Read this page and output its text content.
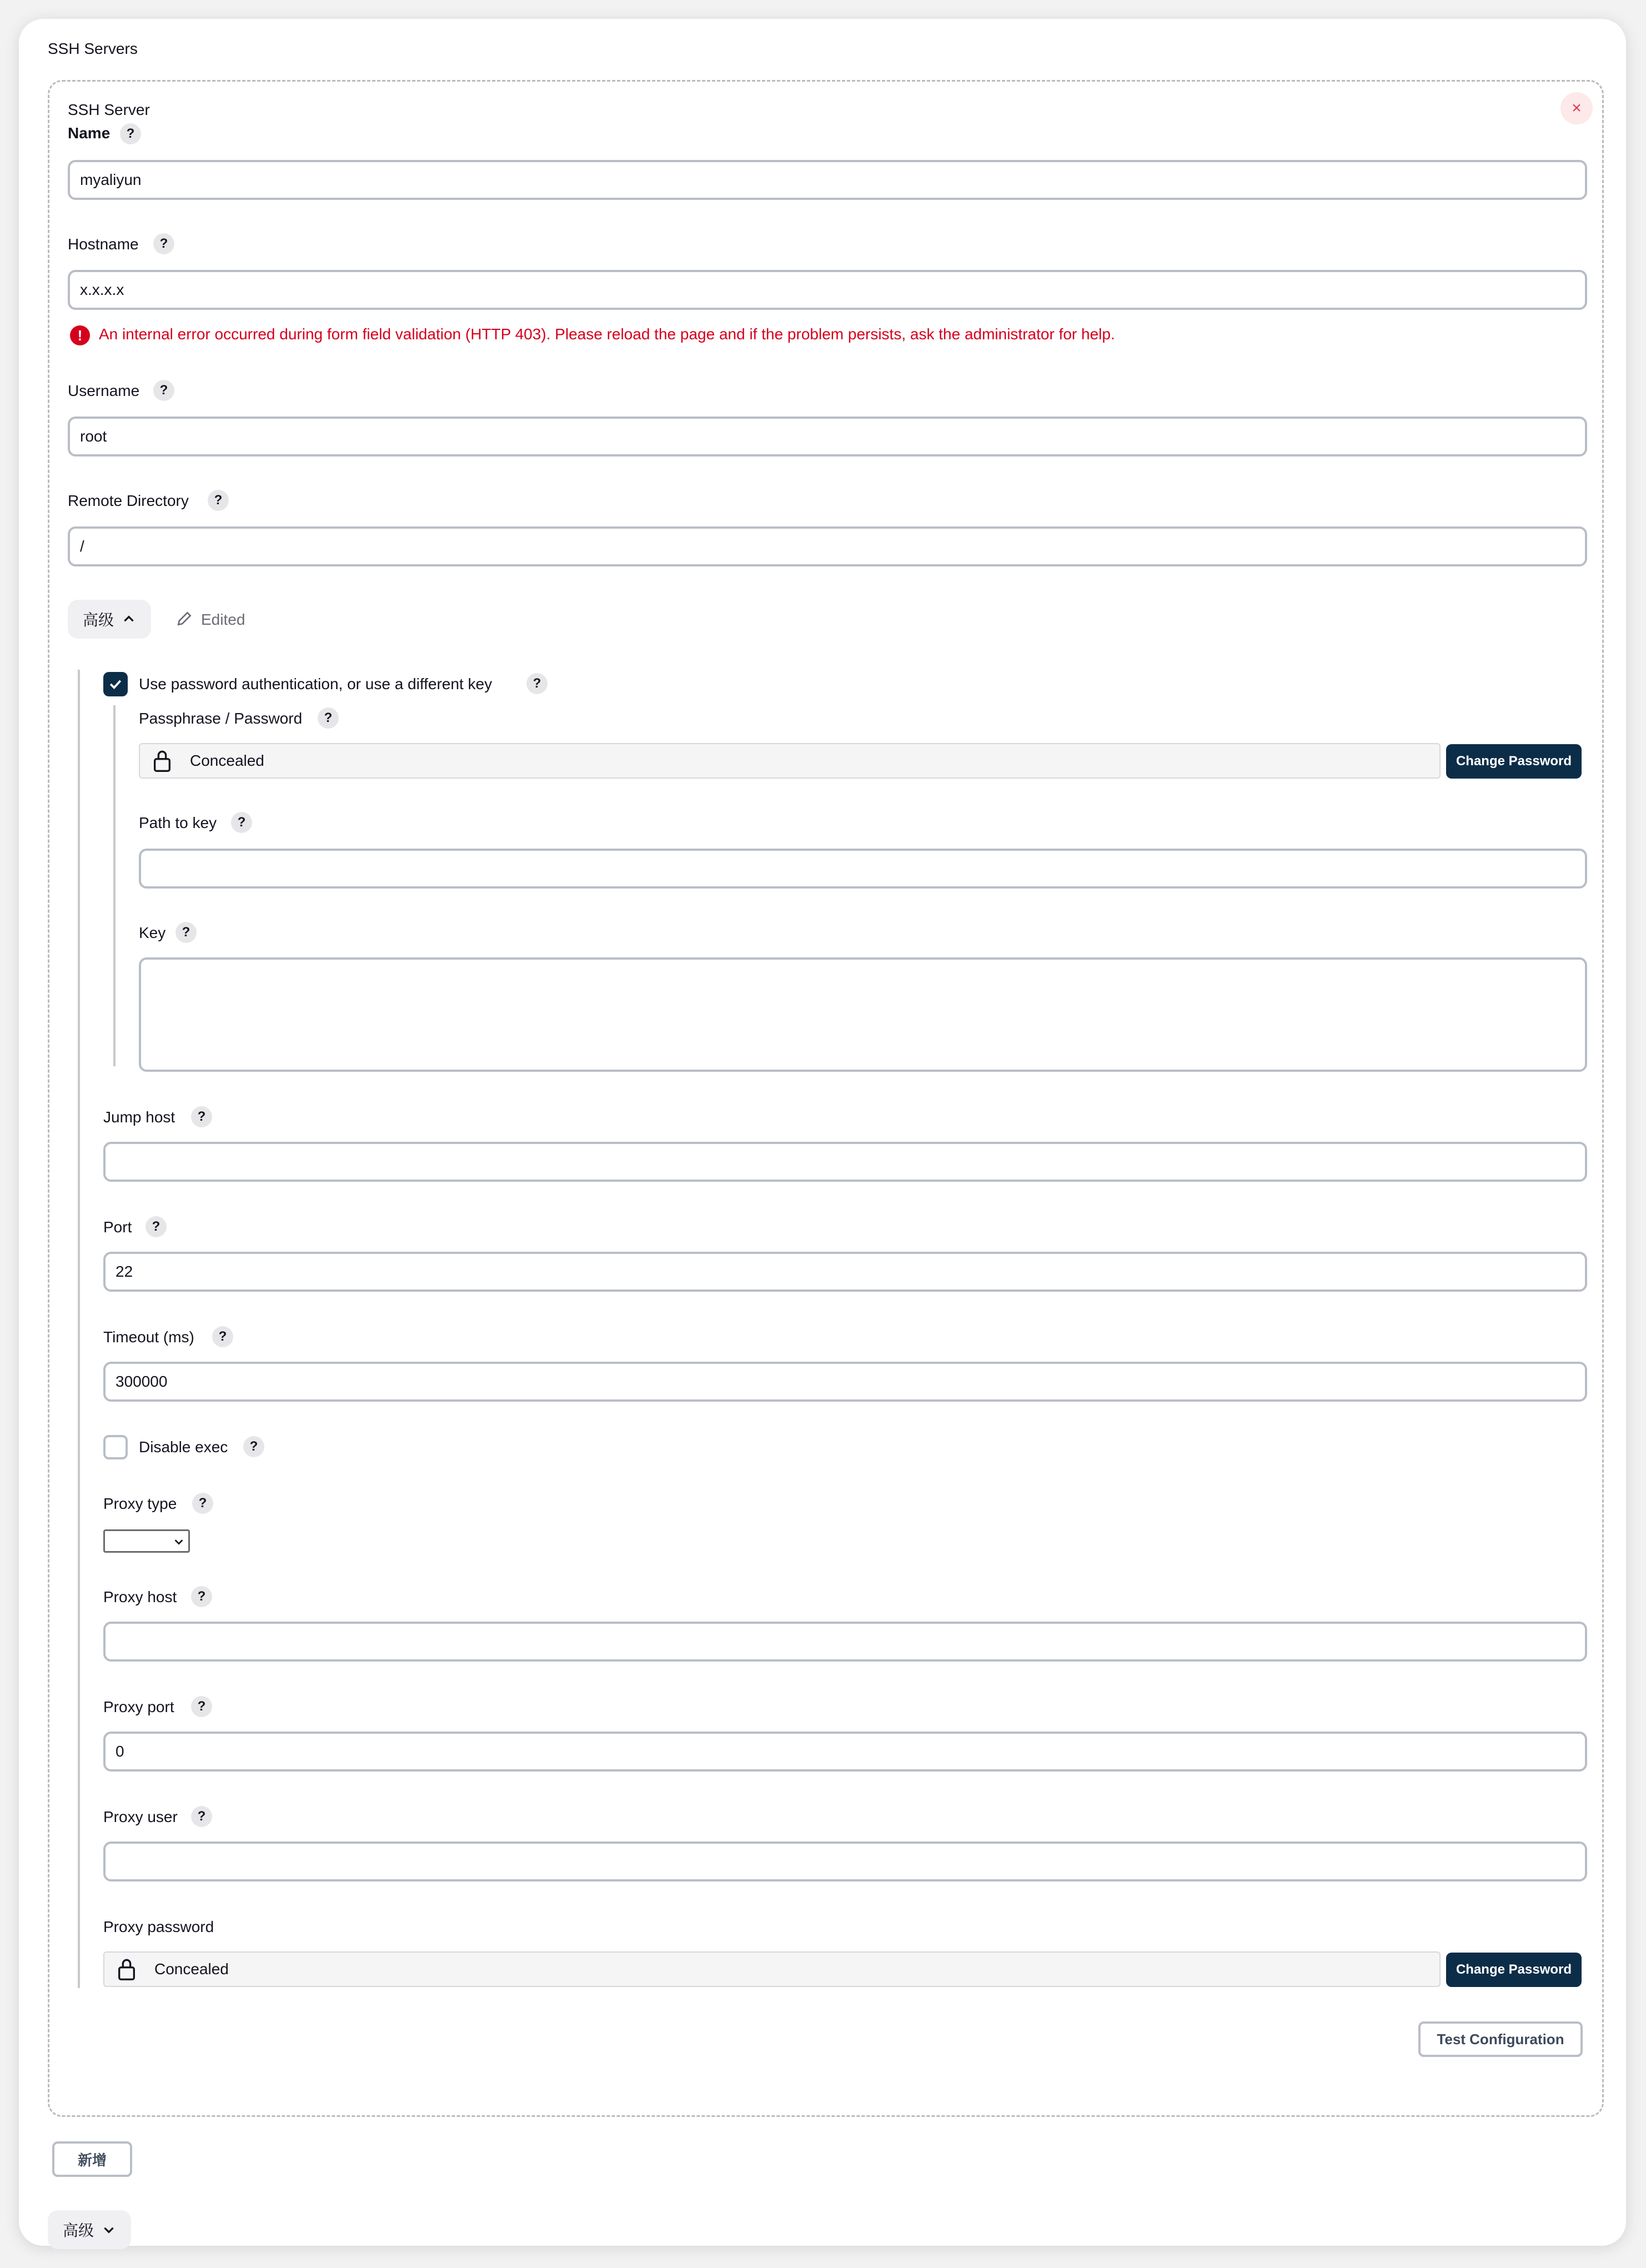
SSH Servers
×
SSH Server
Name	?
myaliyun
Hostname	?
x.x.x.x
!	An internal error occurred during form field validation (HTTP 403). Please reload the page and if the problem persists, ask the administrator for help.
Username	?
root
Remote Directory	?
/
高级	Edited
Use password authentication, or use a different key	?
Passphrase / Password	?
Concealed	Change Password
Path to key	?
Key	?
Jump host	?
Port	?
22
Timeout (ms)	?
300000
Disable exec	?
Proxy type	?
Proxy host	?
Proxy port	?
0
Proxy user	?
Proxy password
Concealed	Change Password
Test Configuration
新增
高级
